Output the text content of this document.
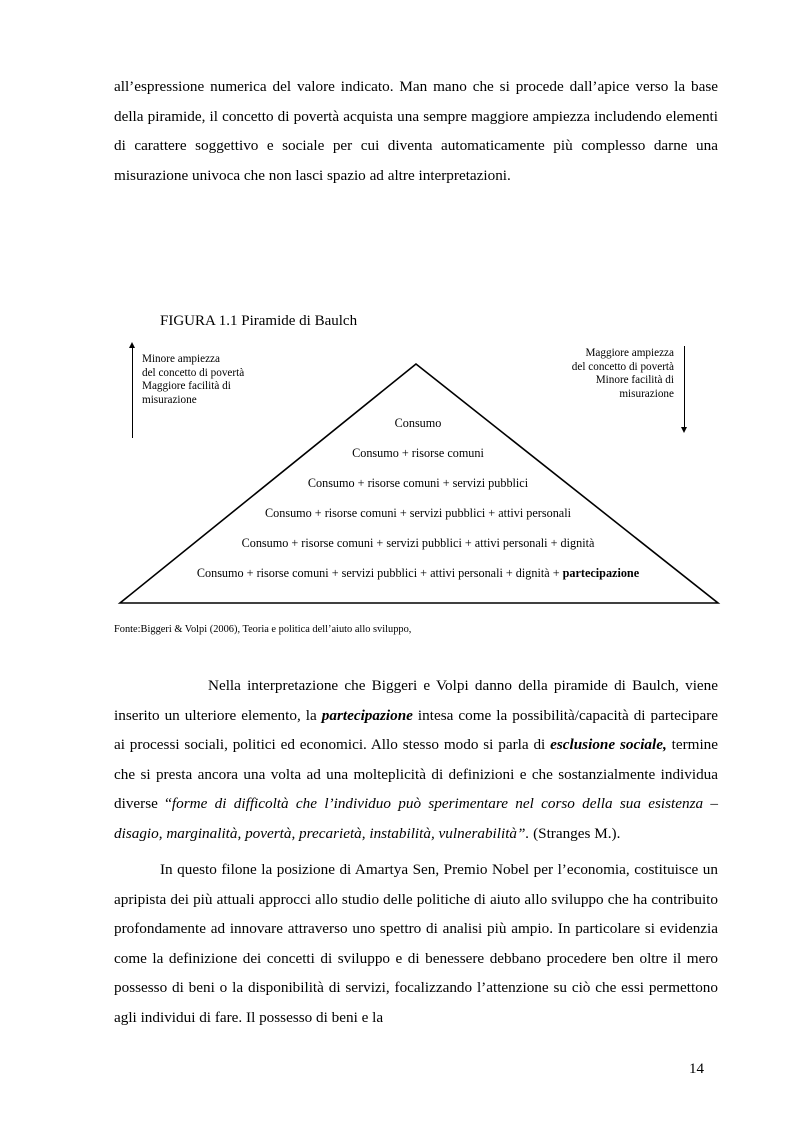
all’espressione numerica del valore indicato. Man mano che si procede dall’apice verso la base della piramide, il concetto di povertà acquista una sempre maggiore ampiezza includendo elementi di carattere soggettivo e sociale per cui diventa automaticamente più complesso darne una misurazione univoca che non lasci spazio ad altre interpretazioni.

FIGURA 1.1 Piramide di Baulch

Minore ampiezza
del concetto di povertà
Maggiore facilità di
misurazione
Maggiore ampiezza
del concetto di povertà
Minore facilità di
misurazione
Consumo
Consumo + risorse comuni
Consumo + risorse comuni + servizi pubblici
Consumo + risorse comuni + servizi pubblici + attivi personali
Consumo + risorse comuni + servizi pubblici + attivi personali + dignità
Consumo + risorse comuni + servizi pubblici + attivi personali + dignità + partecipazione

Fonte:Biggeri & Volpi (2006), Teoria e politica dell’aiuto allo sviluppo,

Nella interpretazione che Biggeri e Volpi danno della piramide di Baulch, viene inserito un ulteriore elemento, la partecipazione intesa come la possibilità/capacità di partecipare ai processi sociali, politici ed economici. Allo stesso modo si parla di esclusione sociale, termine che si presta ancora una volta ad una molteplicità di definizioni e che sostanzialmente individua diverse “forme di difficoltà che l’individuo può sperimentare nel corso della sua esistenza – disagio, marginalità, povertà, precarietà, instabilità, vulnerabilità”. (Stranges M.).

In questo filone la posizione di Amartya Sen, Premio Nobel per l’economia, costituisce un apripista dei più attuali approcci allo studio delle politiche di aiuto allo sviluppo che ha contribuito profondamente ad innovare attraverso uno spettro di analisi più ampio. In particolare si evidenzia come la definizione dei concetti di sviluppo e di benessere debbano procedere ben oltre il mero possesso di beni o la disponibilità di servizi, focalizzando l’attenzione su ciò che essi permettono agli individui di fare. Il possesso di beni e la

14
